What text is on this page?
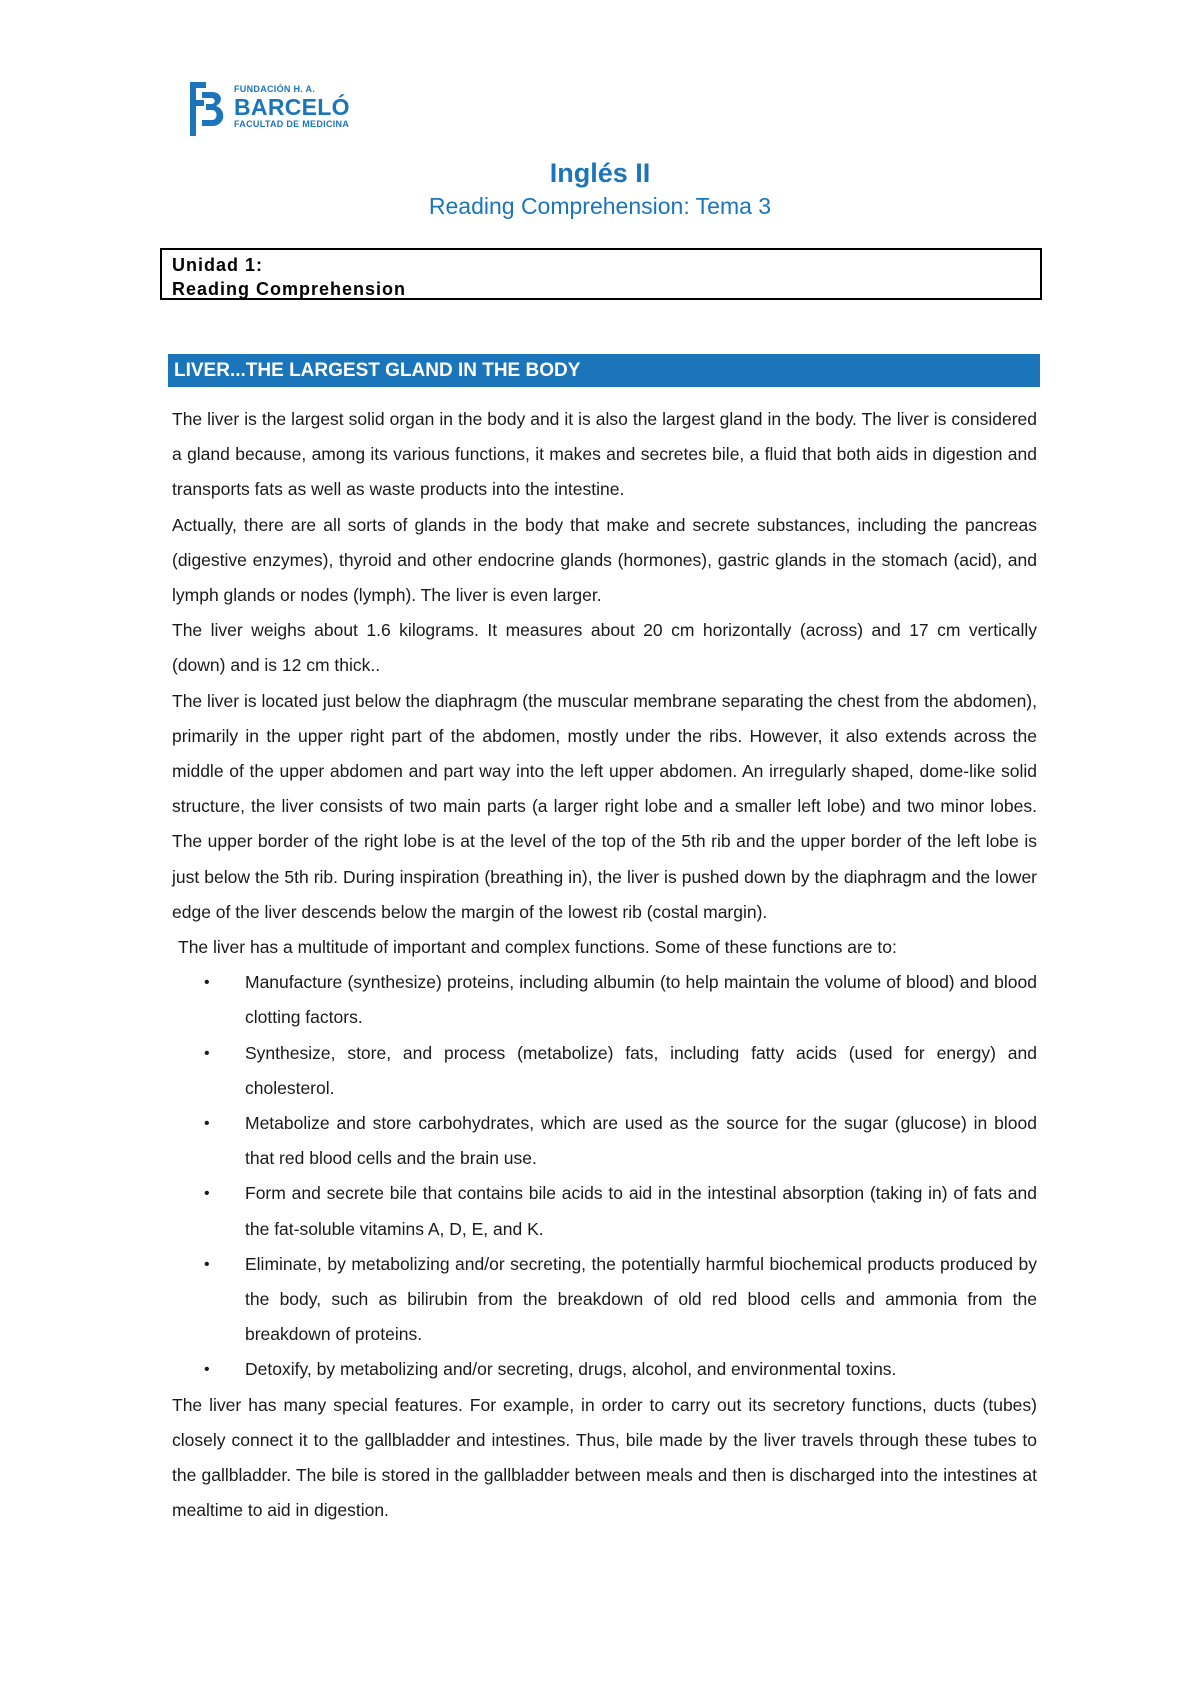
FUNDACIÓN H. A.
BARCELÓ
FACULTAD DE MEDICINA
Inglés II
Reading Comprehension: Tema 3
Unidad 1:
Reading Comprehension
LIVER...THE LARGEST GLAND IN THE BODY

The liver is the largest solid organ in the body and it is also the largest gland in the body. The liver is considered a gland because, among its various functions, it makes and secretes bile, a fluid that both aids in digestion and transports fats as well as waste products into the intestine.

Actually, there are all sorts of glands in the body that make and secrete substances, including the pancreas (digestive enzymes), thyroid and other endocrine glands (hormones), gastric glands in the stomach (acid), and lymph glands or nodes (lymph). The liver is even larger.

The liver weighs about 1.6 kilograms. It measures about 20 cm horizontally (across) and 17 cm vertically (down) and is 12 cm thick..

The liver is located just below the diaphragm (the muscular membrane separating the chest from the abdomen), primarily in the upper right part of the abdomen, mostly under the ribs. However, it also extends across the middle of the upper abdomen and part way into the left upper abdomen. An irregularly shaped, dome-like solid structure, the liver consists of two main parts (a larger right lobe and a smaller left lobe) and two minor lobes. The upper border of the right lobe is at the level of the top of the 5th rib and the upper border of the left lobe is just below the 5th rib. During inspiration (breathing in), the liver is pushed down by the diaphragm and the lower edge of the liver descends below the margin of the lowest rib (costal margin).

The liver has a multitude of important and complex functions. Some of these functions are to:

• Manufacture (synthesize) proteins, including albumin (to help maintain the volume of blood) and blood clotting factors.
• Synthesize, store, and process (metabolize) fats, including fatty acids (used for energy) and cholesterol.
• Metabolize and store carbohydrates, which are used as the source for the sugar (glucose) in blood that red blood cells and the brain use.
• Form and secrete bile that contains bile acids to aid in the intestinal absorption (taking in) of fats and the fat-soluble vitamins A, D, E, and K.
• Eliminate, by metabolizing and/or secreting, the potentially harmful biochemical products produced by the body, such as bilirubin from the breakdown of old red blood cells and ammonia from the breakdown of proteins.
• Detoxify, by metabolizing and/or secreting, drugs, alcohol, and environmental toxins.

The liver has many special features. For example, in order to carry out its secretory functions, ducts (tubes) closely connect it to the gallbladder and intestines. Thus, bile made by the liver travels through these tubes to the gallbladder. The bile is stored in the gallbladder between meals and then is discharged into the intestines at mealtime to aid in digestion.
